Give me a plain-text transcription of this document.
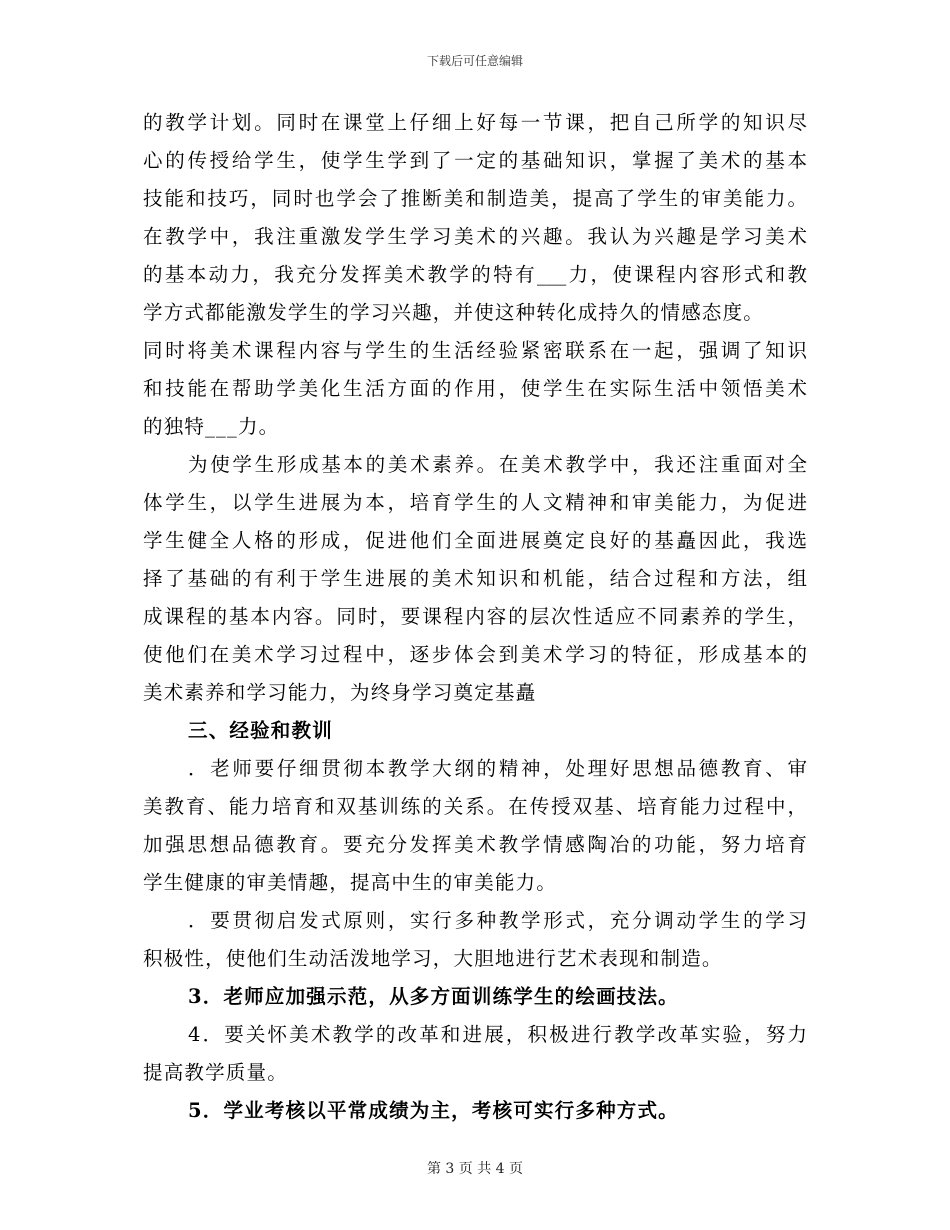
下载后可任意编辑
的教学计划。同时在课堂上仔细上好每一节课，把自己所学的知识尽
心的传授给学生，使学生学到了一定的基础知识，掌握了美术的基本
技能和技巧，同时也学会了推断美和制造美，提高了学生的审美能力。
在教学中，我注重激发学生学习美术的兴趣。我认为兴趣是学习美术
的基本动力，我充分发挥美术教学的特有___力，使课程内容形式和教
学方式都能激发学生的学习兴趣，并使这种转化成持久的情感态度。
同时将美术课程内容与学生的生活经验紧密联系在一起，强调了知识
和技能在帮助学美化生活方面的作用，使学生在实际生活中领悟美术
的独特___力。
为使学生形成基本的美术素养。在美术教学中，我还注重面对全
体学生，以学生进展为本，培育学生的人文精神和审美能力，为促进
学生健全人格的形成，促进他们全面进展奠定良好的基矗因此，我选
择了基础的有利于学生进展的美术知识和机能，结合过程和方法，组
成课程的基本内容。同时，要课程内容的层次性适应不同素养的学生，
使他们在美术学习过程中，逐步体会到美术学习的特征，形成基本的
美术素养和学习能力，为终身学习奠定基矗
三、经验和教训
．老师要仔细贯彻本教学大纲的精神，处理好思想品德教育、审
美教育、能力培育和双基训练的关系。在传授双基、培育能力过程中，
加强思想品德教育。要充分发挥美术教学情感陶冶的功能，努力培育
学生健康的审美情趣，提高中生的审美能力。
．要贯彻启发式原则，实行多种教学形式，充分调动学生的学习
积极性，使他们生动活泼地学习，大胆地进行艺术表现和制造。
3．老师应加强示范，从多方面训练学生的绘画技法。
4．要关怀美术教学的改革和进展，积极进行教学改革实验，努力
提高教学质量。
5．学业考核以平常成绩为主，考核可实行多种方式。
第 3 页 共 4 页
